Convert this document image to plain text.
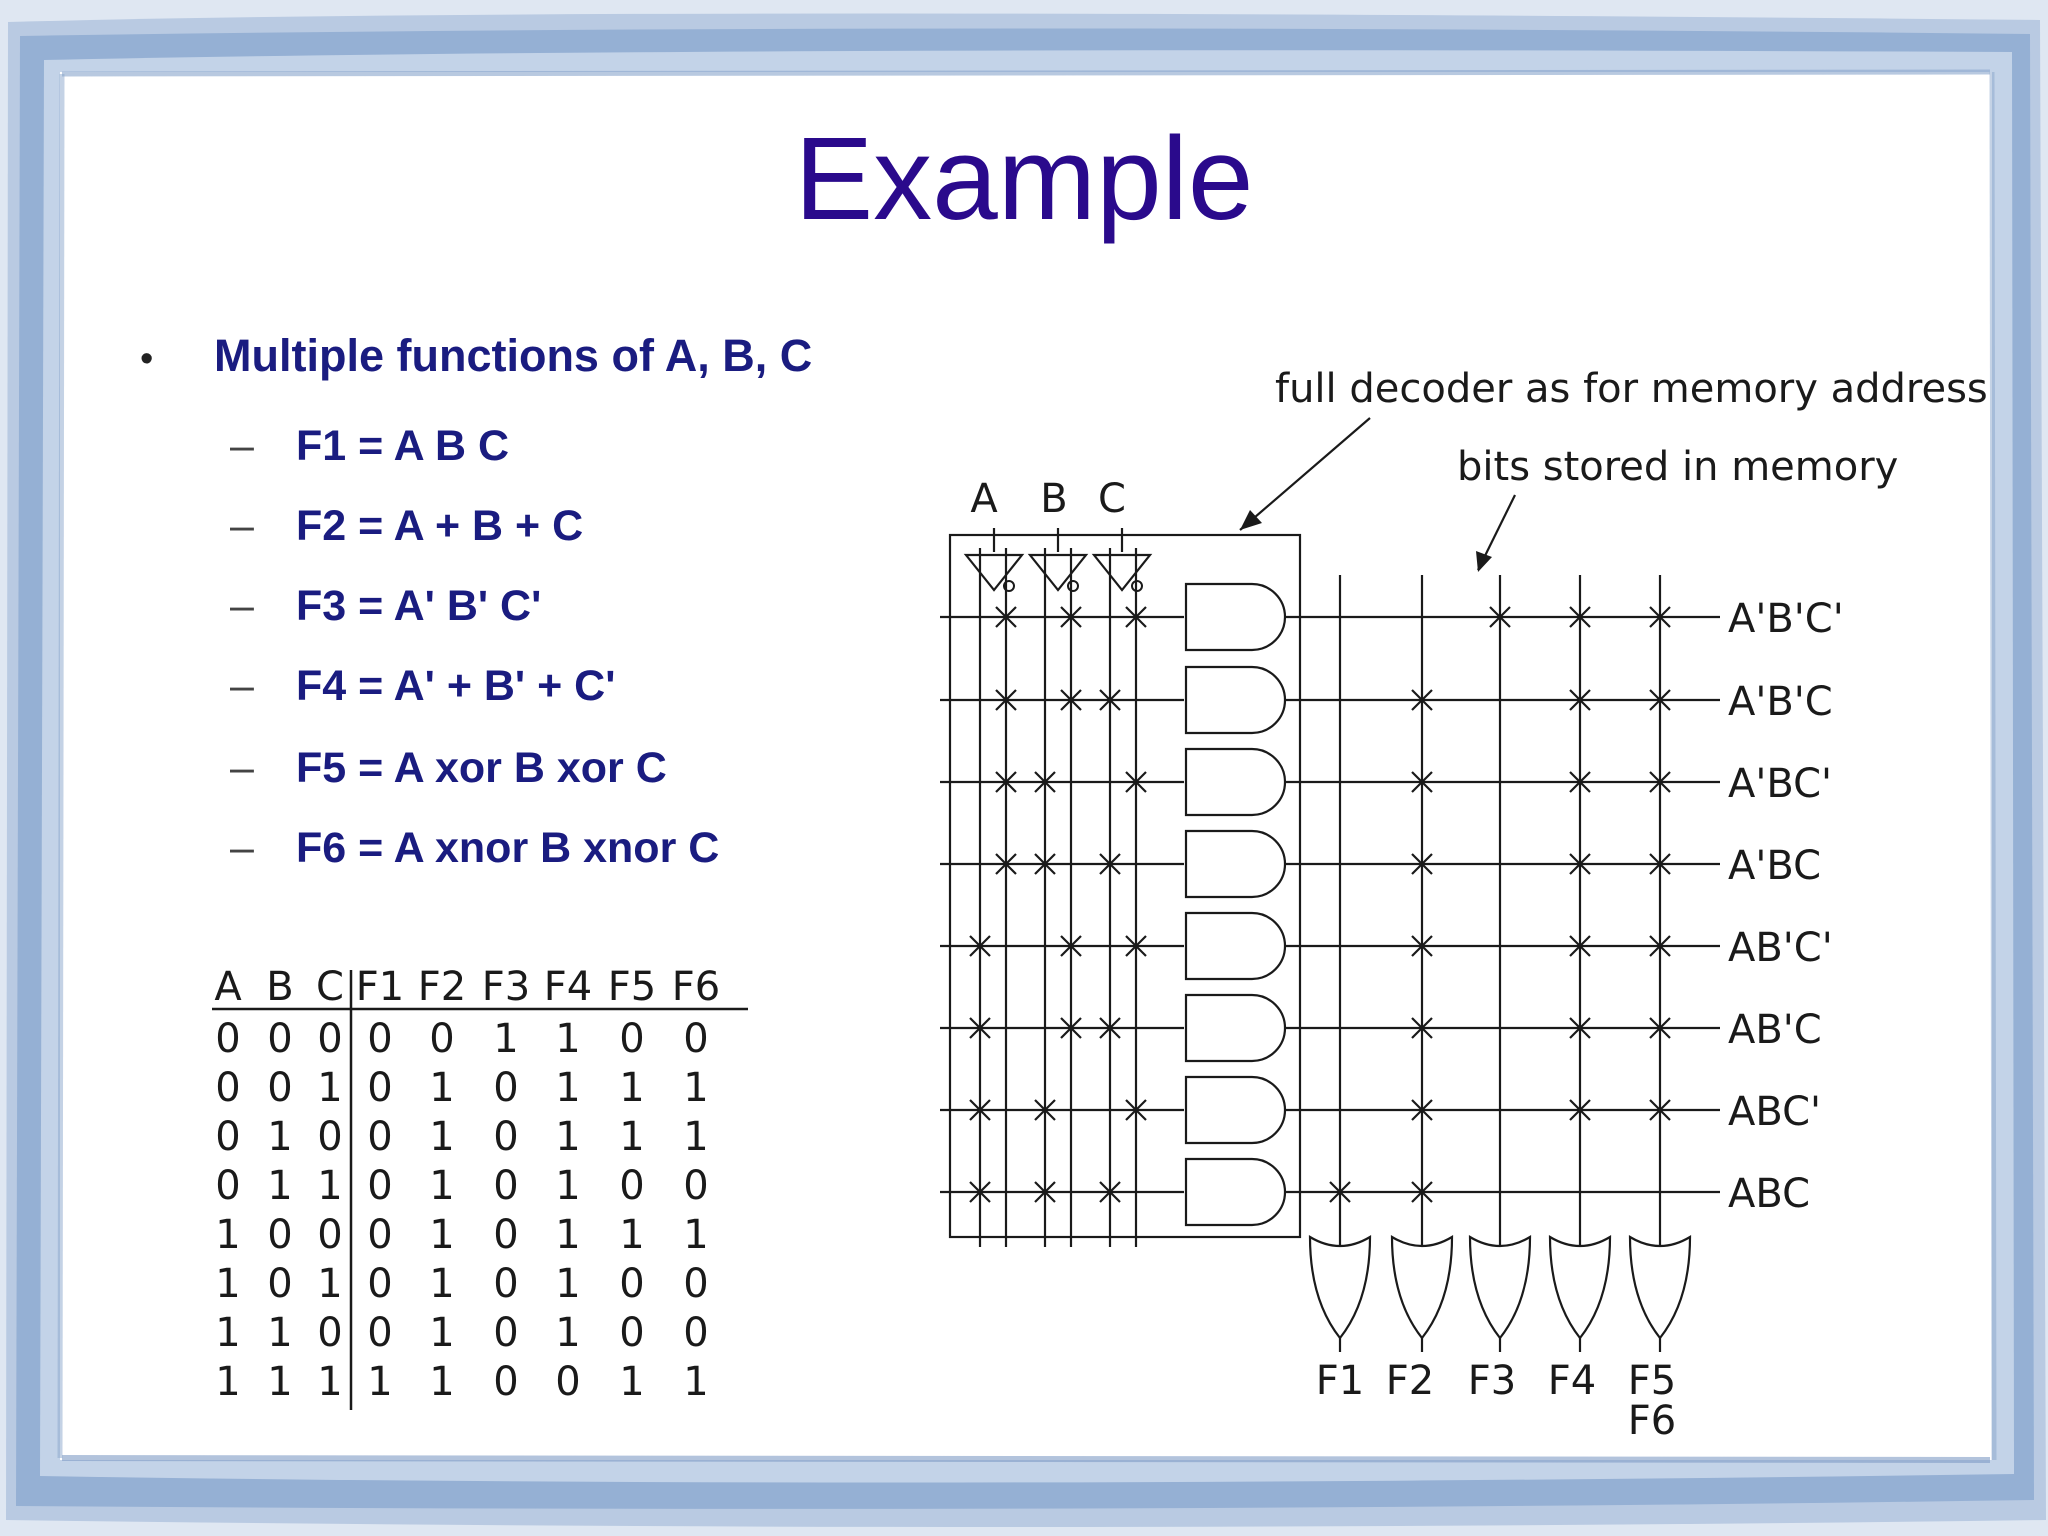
Example
• Multiple functions of A, B, C
– F1 = A B C
– F2 = A + B + C
– F3 = A' B' C'
– F4 = A' + B' + C'
– F5 = A xor B xor C
– F6 = A xnor B xnor C
A B C F1 F2 F3 F4 F5 F6
0 0 0 0 0 1 1 0 0
0 0 1 0 1 0 1 1 1
0 1 0 0 1 0 1 1 1
0 1 1 0 1 0 1 0 0
1 0 0 0 1 0 1 1 1
1 0 1 0 1 0 1 0 0
1 1 0 0 1 0 1 0 0
1 1 1 1 1 0 0 1 1
A B C
A'B'C'
A'B'C
A'BC'
A'BC
AB'C'
AB'C
ABC'
ABC
F1 F2 F3 F4 F5
F6
full decoder as for memory address
bits stored in memory
